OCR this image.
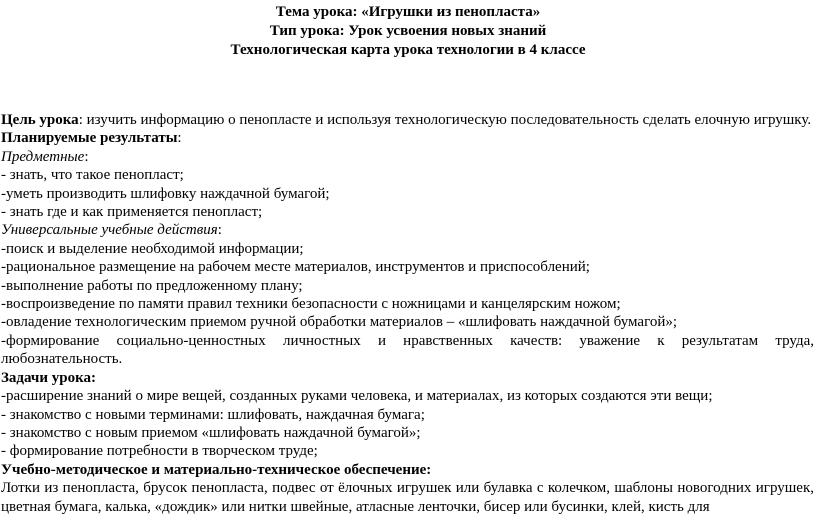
Тема урока: «Игрушки из пенопласта»
Тип урока: Урок усвоения новых знаний
Технологическая карта урока технологии в 4 классе

Цель урока: изучить информацию о пенопласте и используя технологическую последовательность сделать елочную игрушку.

Планируемые результаты:

Предметные:

- знать, что такое пенопласт;

-уметь производить шлифовку наждачной бумагой;

- знать где и как применяется пенопласт;

Универсальные учебные действия:

-поиск и выделение необходимой информации;

-рациональное размещение на рабочем месте материалов, инструментов и приспособлений;

-выполнение работы по предложенному плану;

-воспроизведение по памяти правил техники безопасности с ножницами и канцелярским ножом;

-овладение технологическим приемом ручной обработки материалов – «шлифовать наждачной бумагой»;

-формирование социально-ценностных личностных и нравственных качеств: уважение к результатам труда, любознательность.

Задачи урока:

-расширение знаний о мире вещей, созданных руками человека, и материалах, из которых создаются эти вещи;

- знакомство с новыми терминами: шлифовать, наждачная бумага;

- знакомство с новым приемом «шлифовать наждачной бумагой»;

- формирование потребности в творческом труде;

Учебно-методическое и материально-техническое обеспечение:

Лотки из пенопласта, брусок пенопласта, подвес от ёлочных игрушек или булавка с колечком, шаблоны новогодних игрушек, цветная бумага, калька, «дождик» или нитки швейные, атласные ленточки, бисер или бусинки, клей, кисть для
